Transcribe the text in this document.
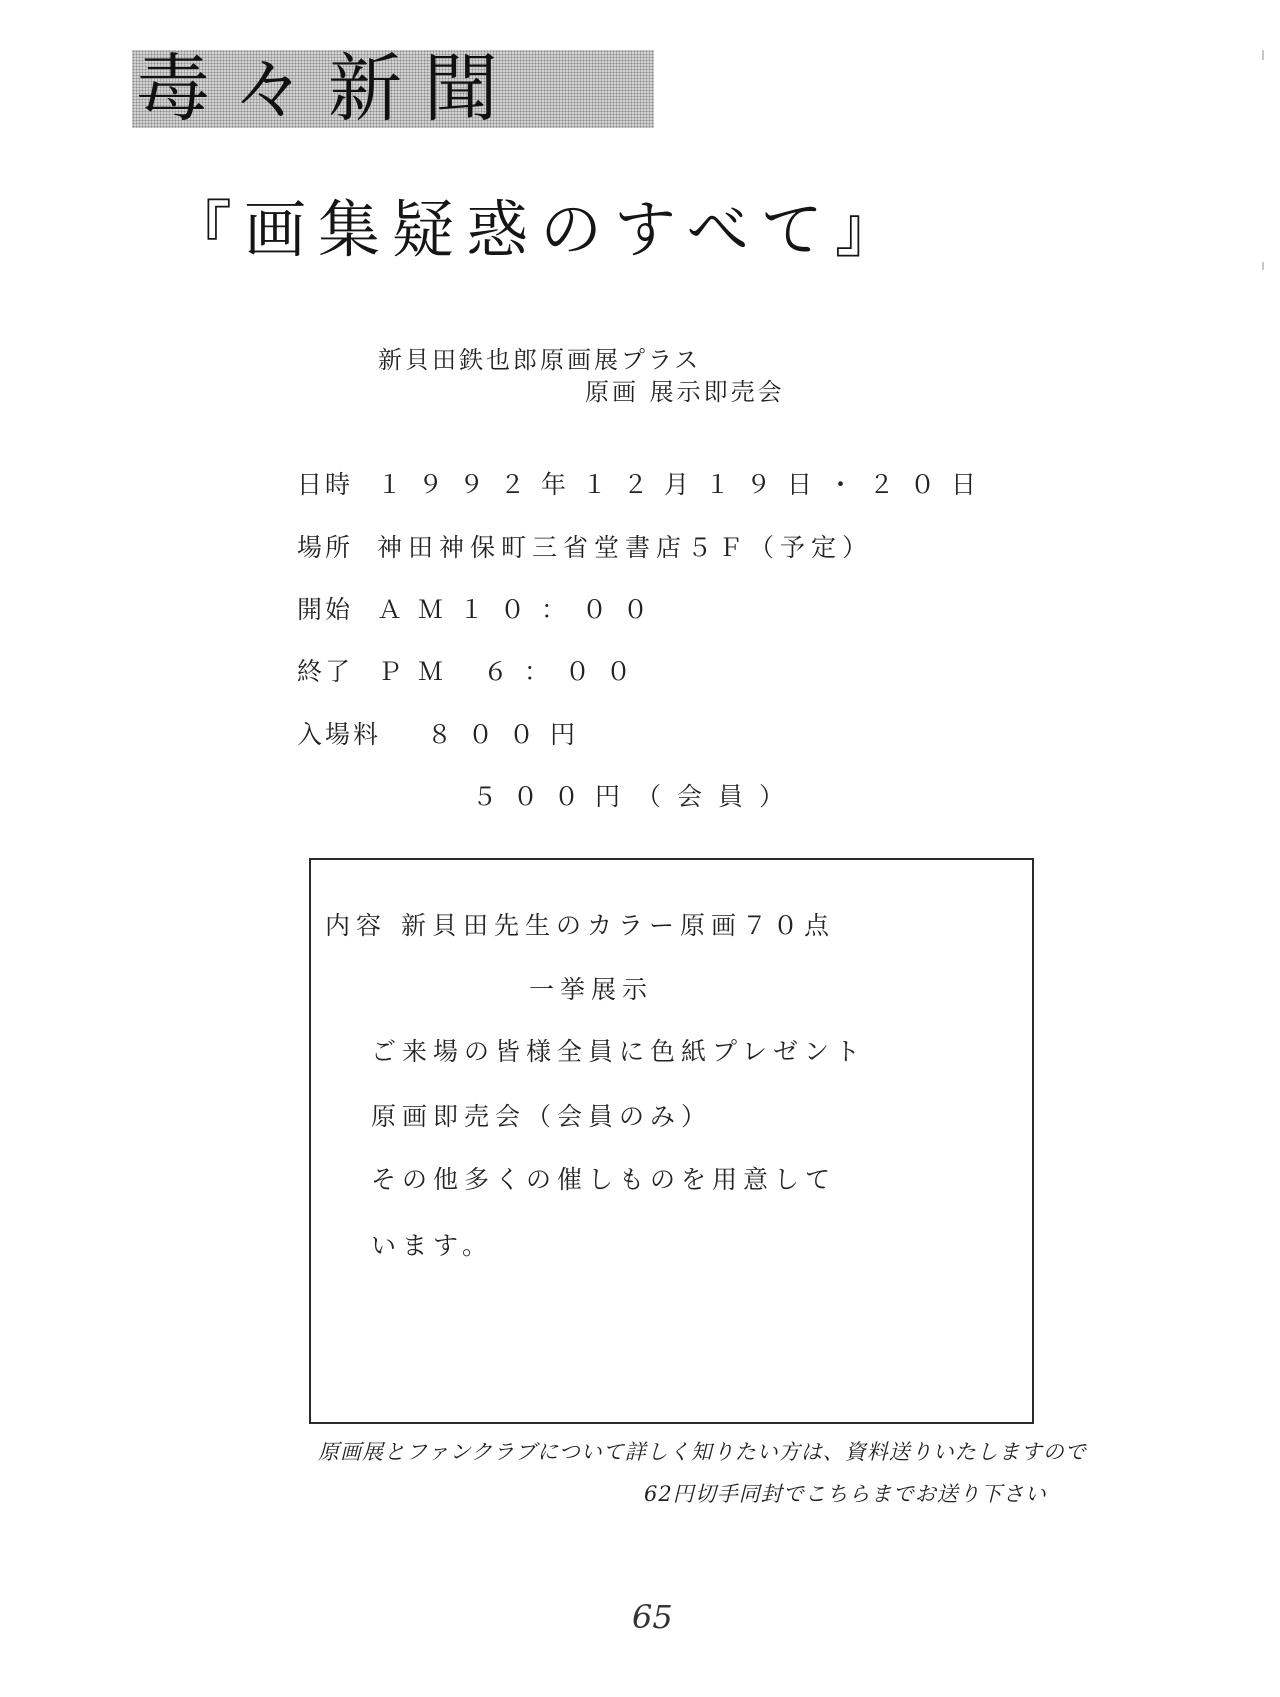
毒々新聞
『画集疑惑のすべて』
新貝田鉄也郎原画展プラス
原画 展示即売会
日時 １９９２年１２月１９日・２０日
場所 神田神保町三省堂書店５Ｆ（予定）
開始 ＡＭ１０：００
終了 ＰＭ ６：００
入場料 ８００円
５００円（会員）
内容 新貝田先生のカラー原画７０点
一挙展示
ご来場の皆様全員に色紙プレゼント
原画即売会（会員のみ）
その他多くの催しものを用意して
います。
原画展とファンクラブについて詳しく知りたい方は、資料送りいたしますので
62円切手同封でこちらまでお送り下さい
65
